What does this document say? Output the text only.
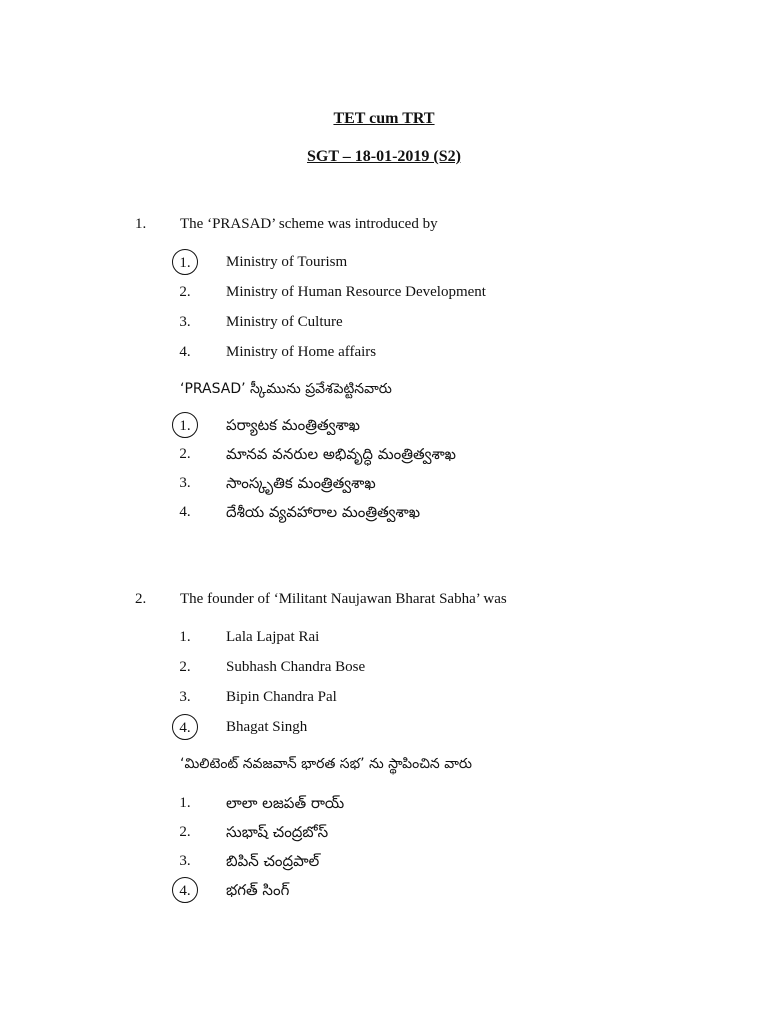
TET cum TRT
SGT – 18-01-2019 (S2)
1. The ‘PRASAD’ scheme was introduced by
1.	Ministry of Tourism
2.	Ministry of Human Resource Development
3.	Ministry of Culture
4.	Ministry of Home affairs
‘PRASAD’ స్కీమును ప్రవేశపెట్టినవారు
1.	పర్యాటక మంత్రిత్వశాఖ
2.	మానవ వనరుల అభివృద్ధి మంత్రిత్వశాఖ
3.	సాంస్కృతిక మంత్రిత్వశాఖ
4.	దేశీయ వ్యవహారాల మంత్రిత్వశాఖ
2. The founder of ‘Militant Naujawan Bharat Sabha’ was
1.	Lala Lajpat Rai
2.	Subhash Chandra Bose
3.	Bipin Chandra Pal
4.	Bhagat Singh
‘మిలిటెంట్ నవజవాన్ భారత సభ’ ను స్థాపించిన వారు
1.	లాలా లజపత్ రాయ్
2.	సుభాష్ చంద్రబోస్
3.	బిపిన్ చంద్రపాల్
4.	భగత్ సింగ్
